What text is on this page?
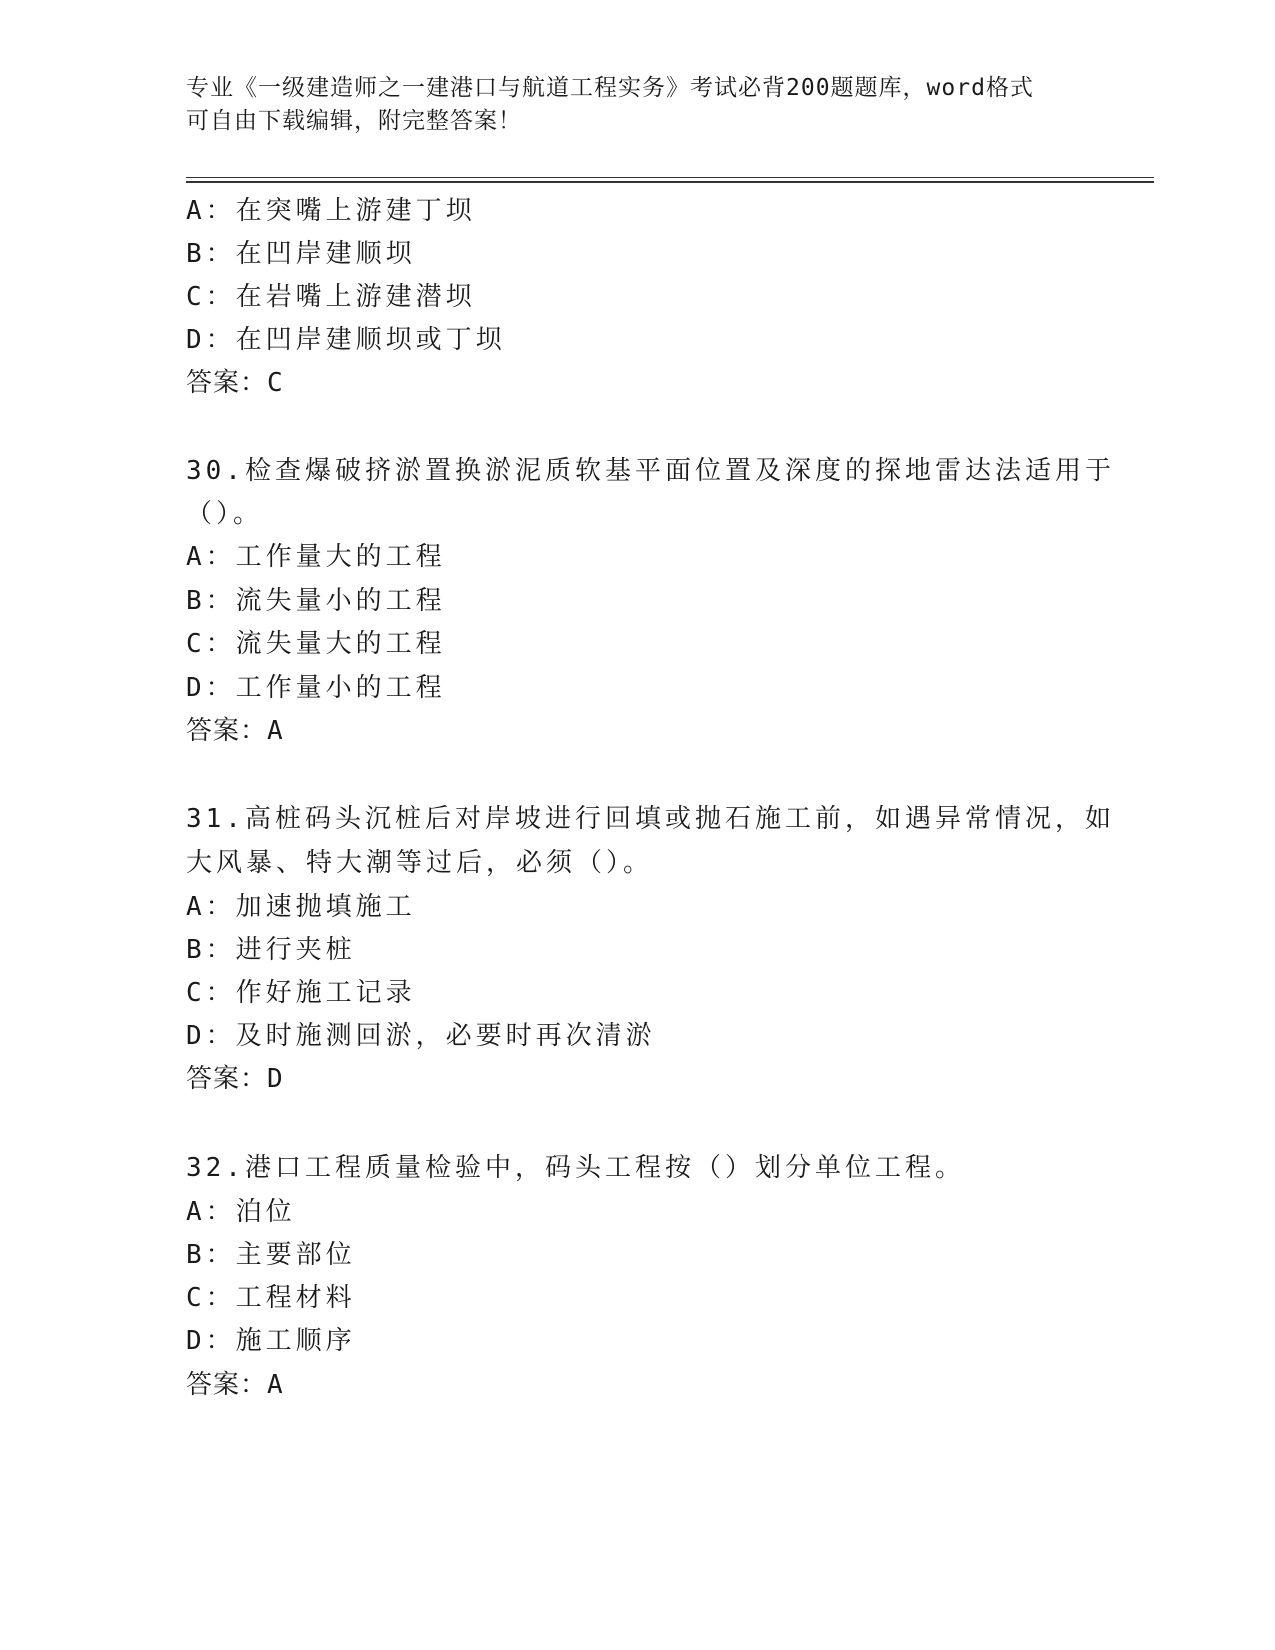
专业《一级建造师之一建港口与航道工程实务》考试必背200题题库，word格式
可自由下载编辑，附完整答案！
A：在突嘴上游建丁坝
B：在凹岸建顺坝
C：在岩嘴上游建潜坝
D：在凹岸建顺坝或丁坝
答案：C
30.检查爆破挤淤置换淤泥质软基平面位置及深度的探地雷达法适用于
（）。
A：工作量大的工程
B：流失量小的工程
C：流失量大的工程
D：工作量小的工程
答案：A
31.高桩码头沉桩后对岸坡进行回填或抛石施工前，如遇异常情况，如
大风暴、特大潮等过后，必须（）。
A：加速抛填施工
B：进行夹桩
C：作好施工记录
D：及时施测回淤，必要时再次清淤
答案：D
32.港口工程质量检验中，码头工程按（）划分单位工程。
A：泊位
B：主要部位
C：工程材料
D：施工顺序
答案：A
